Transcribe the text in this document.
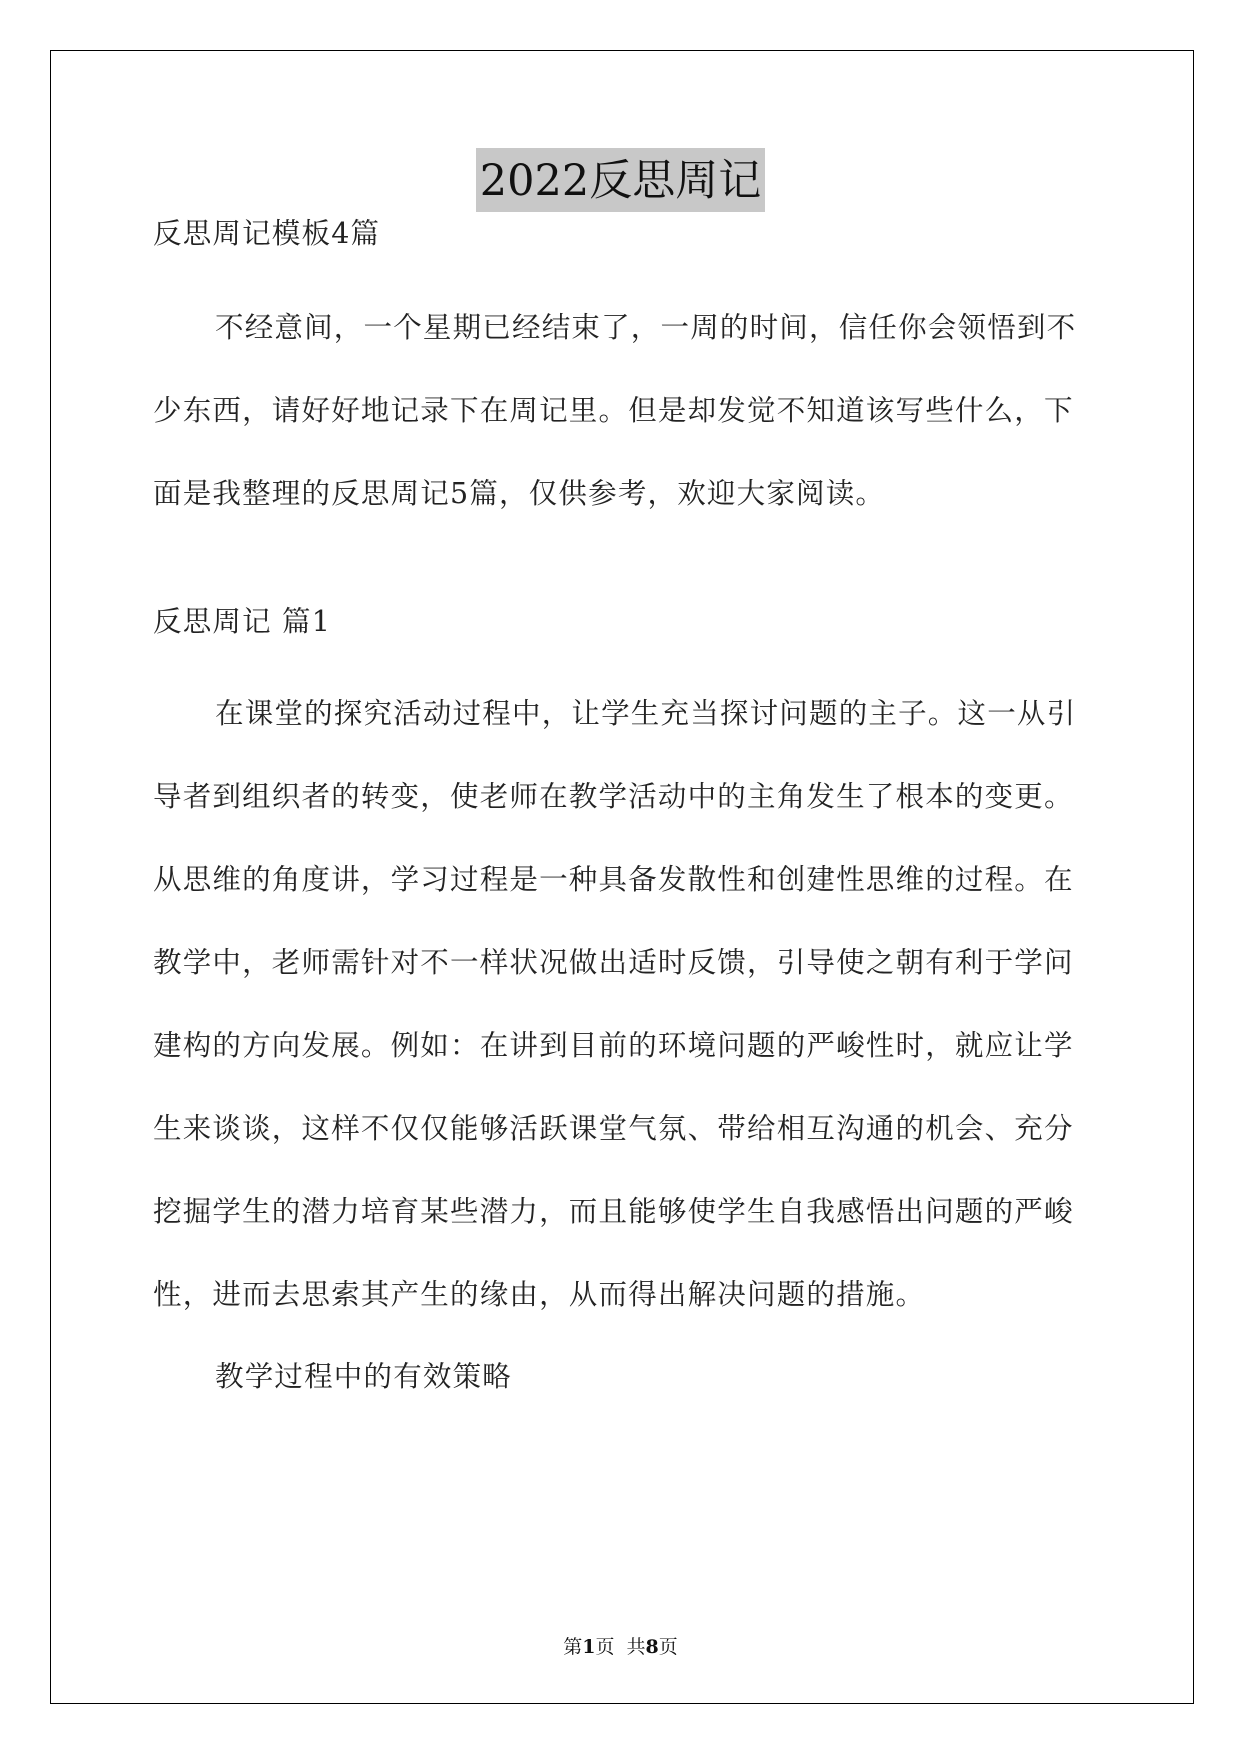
2022反思周记
反思周记模板4篇

不经意间，一个星期已经结束了，一周的时间，信任你会领悟到不少东西，请好好地记录下在周记里。但是却发觉不知道该写些什么，下面是我整理的反思周记5篇，仅供参考，欢迎大家阅读。

反思周记 篇1

在课堂的探究活动过程中，让学生充当探讨问题的主子。这一从引导者到组织者的转变，使老师在教学活动中的主角发生了根本的变更。从思维的角度讲，学习过程是一种具备发散性和创建性思维的过程。在教学中，老师需针对不一样状况做出适时反馈，引导使之朝有利于学问建构的方向发展。例如：在讲到目前的环境问题的严峻性时，就应让学生来谈谈，这样不仅仅能够活跃课堂气氛、带给相互沟通的机会、充分挖掘学生的潜力培育某些潜力，而且能够使学生自我感悟出问题的严峻性，进而去思索其产生的缘由，从而得出解决问题的措施。

教学过程中的有效策略

第1页  共8页
